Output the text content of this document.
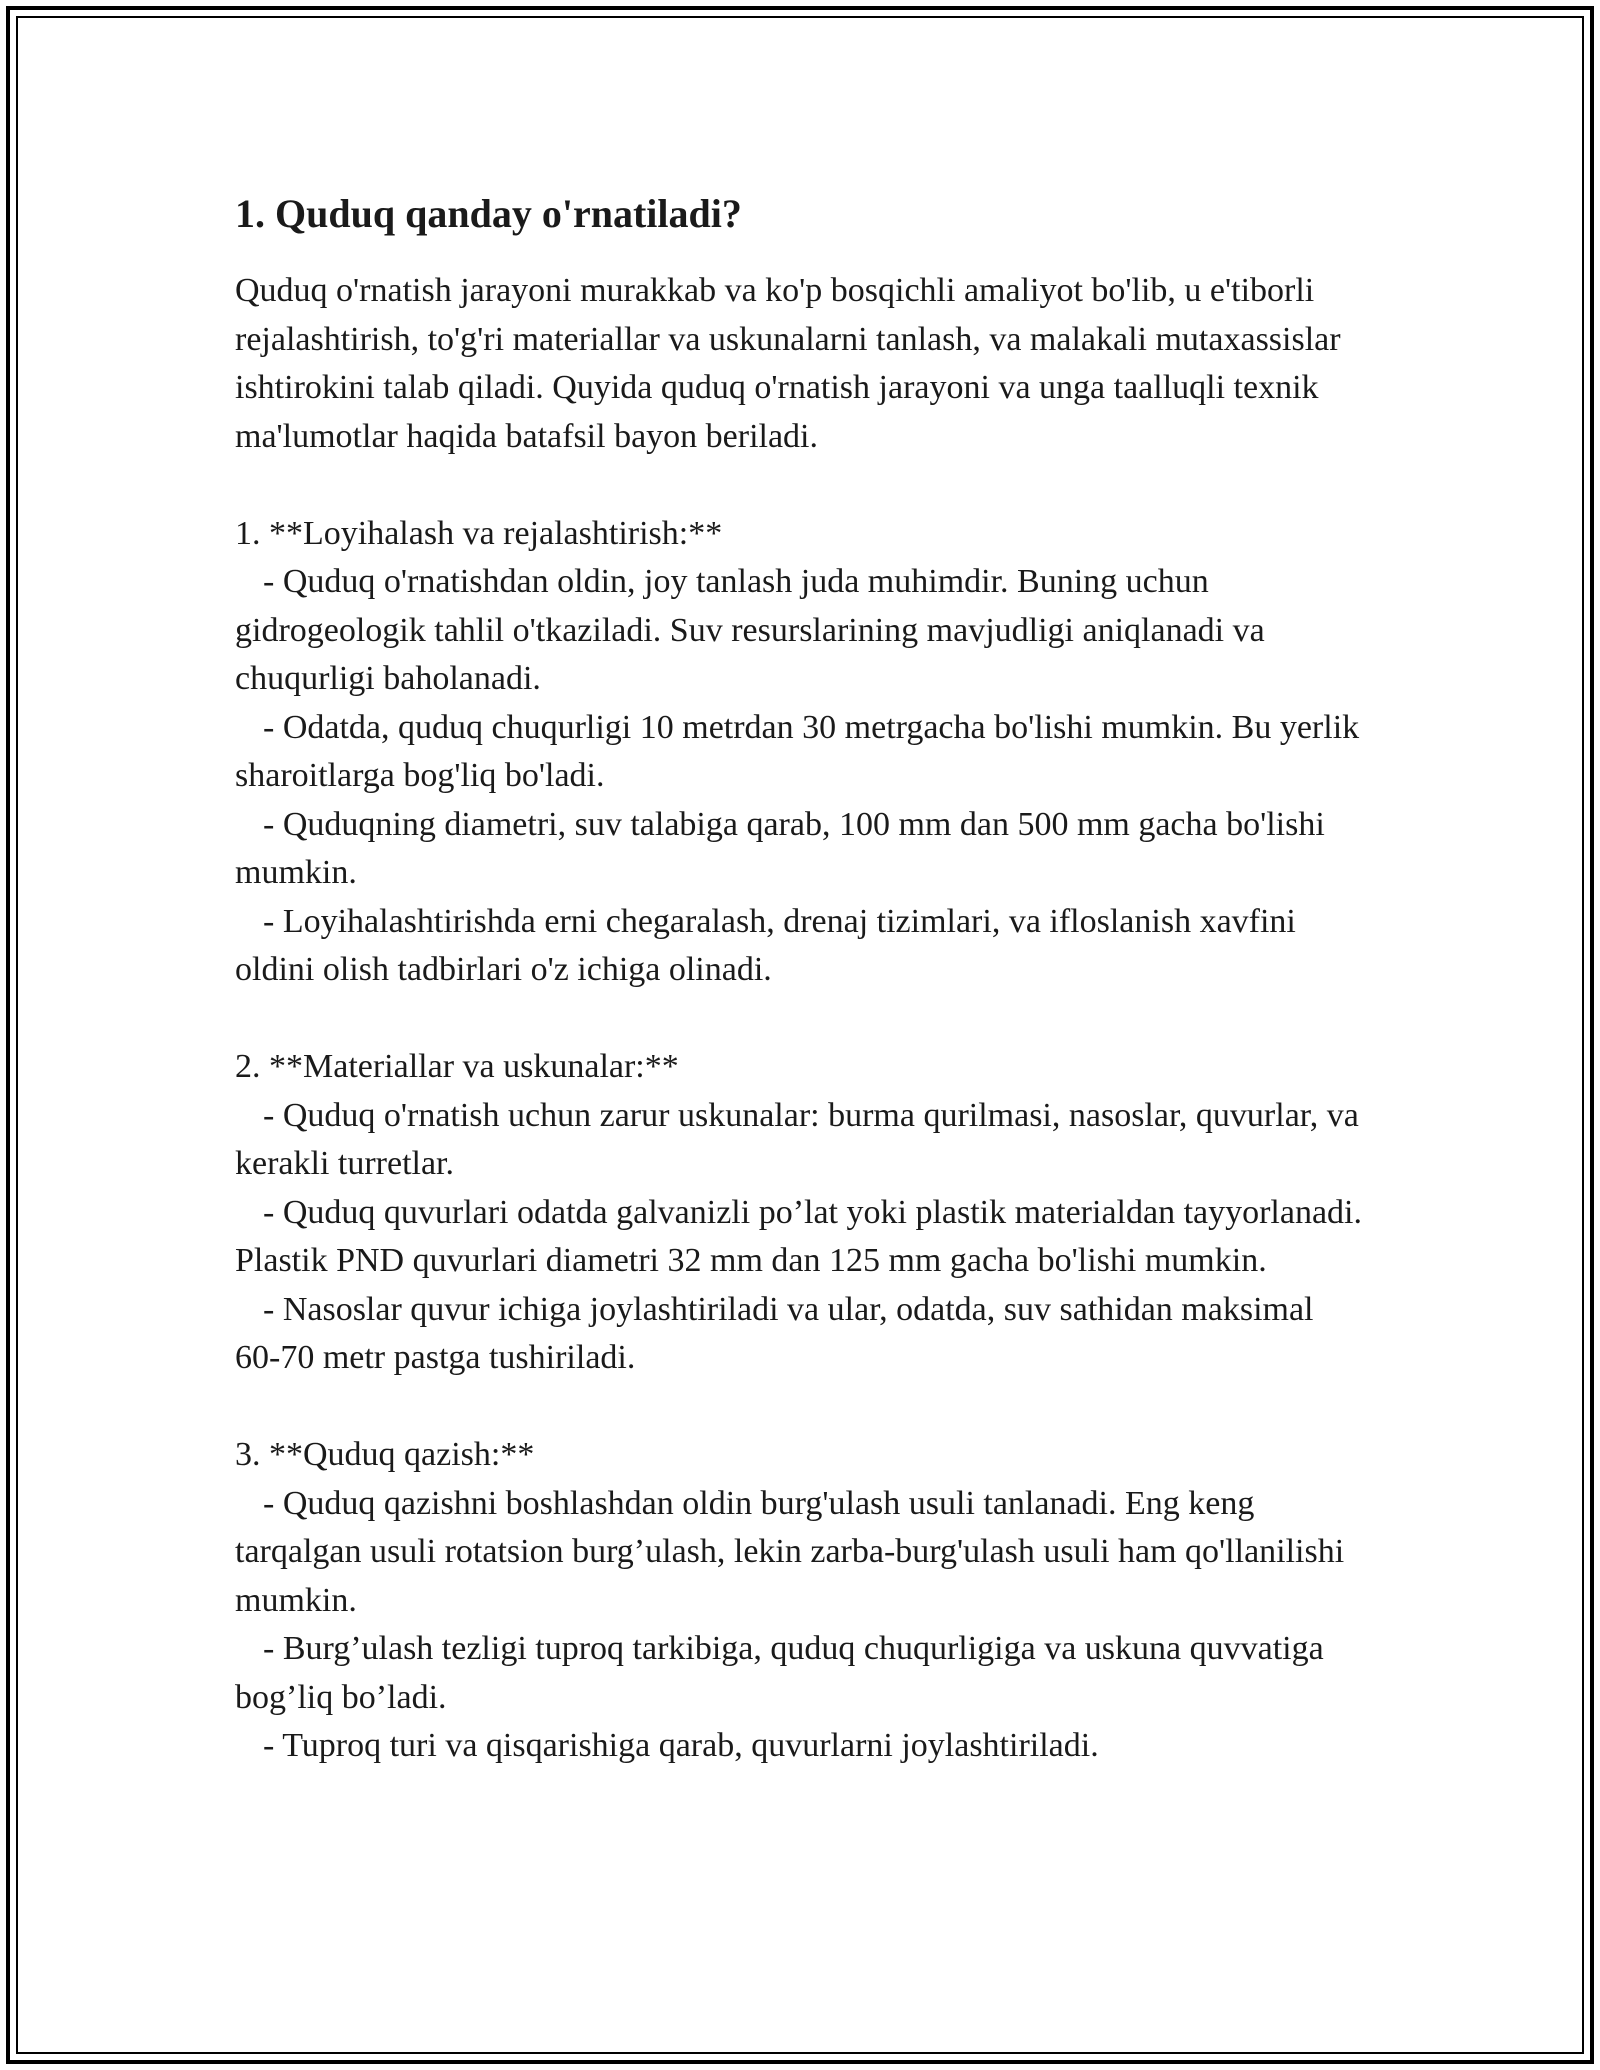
1. Quduq qanday o'rnatiladi?

Quduq o'rnatish jarayoni murakkab va ko'p bosqichli amaliyot bo'lib, u e'tiborli rejalashtirish, to'g'ri materiallar va uskunalarni tanlash, va malakali mutaxassislar ishtirokini talab qiladi. Quyida quduq o'rnatish jarayoni va unga taalluqli texnik ma'lumotlar haqida batafsil bayon beriladi.

1. **Loyihalash va rejalashtirish:**

- Quduq o'rnatishdan oldin, joy tanlash juda muhimdir. Buning uchun gidrogeologik tahlil o'tkaziladi. Suv resurslarining mavjudligi aniqlanadi va chuqurligi baholanadi.

- Odatda, quduq chuqurligi 10 metrdan 30 metrgacha bo'lishi mumkin. Bu yerlik sharoitlarga bog'liq bo'ladi.

- Quduqning diametri, suv talabiga qarab, 100 mm dan 500 mm gacha bo'lishi mumkin.

- Loyihalashtirishda erni chegaralash, drenaj tizimlari, va ifloslanish xavfini oldini olish tadbirlari o'z ichiga olinadi.

2. **Materiallar va uskunalar:**

- Quduq o'rnatish uchun zarur uskunalar: burma qurilmasi, nasoslar, quvurlar, va kerakli turretlar.

- Quduq quvurlari odatda galvanizli po’lat yoki plastik materialdan tayyorlanadi. Plastik PND quvurlari diametri 32 mm dan 125 mm gacha bo'lishi mumkin.

- Nasoslar quvur ichiga joylashtiriladi va ular, odatda, suv sathidan maksimal 60-70 metr pastga tushiriladi.

3. **Quduq qazish:**

- Quduq qazishni boshlashdan oldin burg'ulash usuli tanlanadi. Eng keng tarqalgan usuli rotatsion burg’ulash, lekin zarba-burg'ulash usuli ham qo'llanilishi mumkin.

- Burg’ulash tezligi tuproq tarkibiga, quduq chuqurligiga va uskuna quvvatiga bog’liq bo’ladi.

- Tuproq turi va qisqarishiga qarab, quvurlarni joylashtiriladi.
